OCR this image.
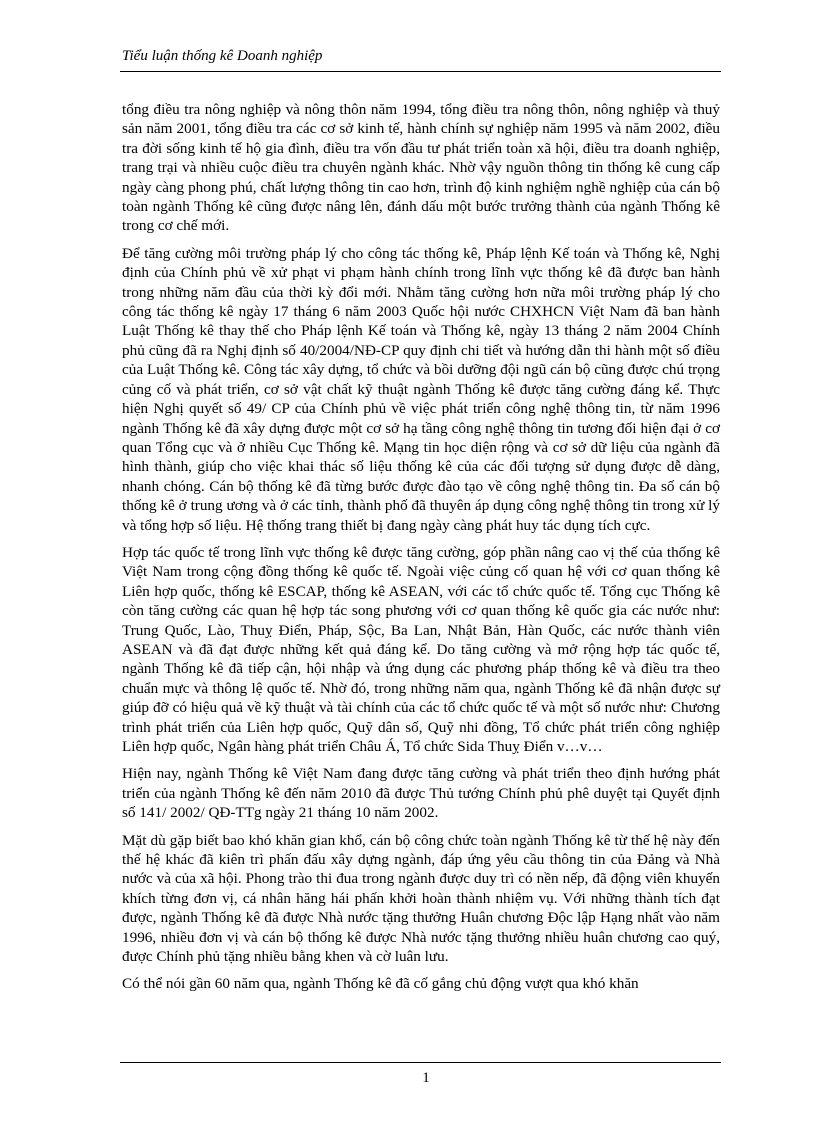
Tiểu luận thống kê Doanh nghiệp

tổng điều tra nông nghiệp và nông thôn năm 1994, tổng điều tra nông thôn, nông nghiệp và thuỷ sản năm 2001, tổng điều tra các cơ sở kinh tế, hành chính sự nghiệp năm 1995 và năm 2002, điều tra đời sống kinh tế hộ gia đình, điều tra vốn đầu tư phát triển toàn xã hội, điều tra doanh nghiệp, trang trại và nhiều cuộc điều tra chuyên ngành khác. Nhờ vậy nguồn thông tin thống kê cung cấp ngày càng phong phú, chất lượng thông tin cao hơn, trình độ kinh nghiệm nghề nghiệp của cán bộ toàn ngành Thống kê cũng được nâng lên, đánh dấu một bước trưởng thành của ngành Thống kê trong cơ chế mới.

Để tăng cường môi trường pháp lý cho công tác thống kê, Pháp lệnh Kế toán và Thống kê, Nghị định của Chính phủ về xử phạt vi phạm hành chính trong lĩnh vực thống kê đã được ban hành trong những năm đầu của thời kỳ đổi mới. Nhằm tăng cường hơn nữa môi trường pháp lý cho công tác thống kê ngày 17 tháng 6 năm 2003 Quốc hội nước CHXHCN Việt Nam đã ban hành Luật Thống kê thay thế cho Pháp lệnh Kế toán và Thống kê, ngày 13 tháng 2 năm 2004 Chính phủ cũng đã ra Nghị định số 40/2004/NĐ-CP quy định chi tiết và hướng dẫn thi hành một số điều của Luật Thống kê. Công tác xây dựng, tổ chức và bồi dưỡng đội ngũ cán bộ cũng được chú trọng củng cố và phát triển, cơ sở vật chất kỹ thuật ngành Thống kê được tăng cường đáng kể. Thực hiện Nghị quyết số 49/ CP của Chính phủ về việc phát triển công nghệ thông tin, từ năm 1996 ngành Thống kê đã xây dựng được một cơ sở hạ tầng công nghệ thông tin tương đối hiện đại ở cơ quan Tổng cục và ở nhiều Cục Thống kê. Mạng tin học diện rộng và cơ sở dữ liệu của ngành đã hình thành, giúp cho việc khai thác số liệu thống kê của các đối tượng sử dụng được dễ dàng, nhanh chóng. Cán bộ thống kê đã từng bước được đào tạo về công nghệ thông tin. Đa số cán bộ thống kê ở trung ương và ở các tỉnh, thành phố đã thuyên áp dụng công nghệ thông tin trong xử lý và tổng hợp số liệu. Hệ thống trang thiết bị đang ngày càng phát huy tác dụng tích cực.

Hợp tác quốc tế trong lĩnh vực thống kê được tăng cường, góp phần nâng cao vị thế của thống kê Việt Nam trong cộng đồng thống kê quốc tế. Ngoài việc củng cố quan hệ với cơ quan thống kê Liên hợp quốc, thống kê ESCAP, thống kê ASEAN, với các tổ chức quốc tế. Tổng cục Thống kê còn tăng cường các quan hệ hợp tác song phương với cơ quan thống kê quốc gia các nước như: Trung Quốc, Lào, Thuỵ Điển, Pháp, Sộc, Ba Lan, Nhật Bản, Hàn Quốc, các nước thành viên ASEAN và đã đạt được những kết quả đáng kể. Do tăng cường và mở rộng hợp tác quốc tế, ngành Thống kê đã tiếp cận, hội nhập và ứng dụng các phương pháp thống kê và điều tra theo chuẩn mực và thông lệ quốc tế. Nhờ đó, trong những năm qua, ngành Thống kê đã nhận được sự giúp đỡ có hiệu quả về kỹ thuật và tài chính của các tổ chức quốc tế và một số nước như: Chương trình phát triển của Liên hợp quốc, Quỹ dân số, Quỹ nhi đồng, Tổ chức phát triển công nghiệp Liên hợp quốc, Ngân hàng phát triển Châu Á, Tổ chức Sida Thuỵ Điển v…v…

Hiện nay, ngành Thống kê Việt Nam đang được tăng cường và phát triển theo định hướng phát triển của ngành Thống kê đến năm 2010 đã được Thủ tướng Chính phủ phê duyệt tại Quyết định số 141/ 2002/ QĐ-TTg ngày 21 tháng 10 năm 2002.

Mặt dù gặp biết bao khó khăn gian khổ, cán bộ công chức toàn ngành Thống kê từ thế hệ này đến thế hệ khác đã kiên trì phấn đấu xây dựng ngành, đáp ứng yêu cầu thông tin của Đảng và Nhà nước và của xã hội. Phong trào thi đua trong ngành được duy trì có nền nếp, đã động viên khuyến khích từng đơn vị, cá nhân hăng hái phấn khởi hoàn thành nhiệm vụ. Với những thành tích đạt được, ngành Thống kê đã được Nhà nước tặng thưởng Huân chương Độc lập Hạng nhất vào năm 1996, nhiều đơn vị và cán bộ thống kê được Nhà nước tặng thưởng nhiều huân chương cao quý, được Chính phủ tặng nhiều bằng khen và cờ luân lưu.

Có thể nói gần 60 năm qua, ngành Thống kê đã cố gắng chủ động vượt qua khó khăn

1
